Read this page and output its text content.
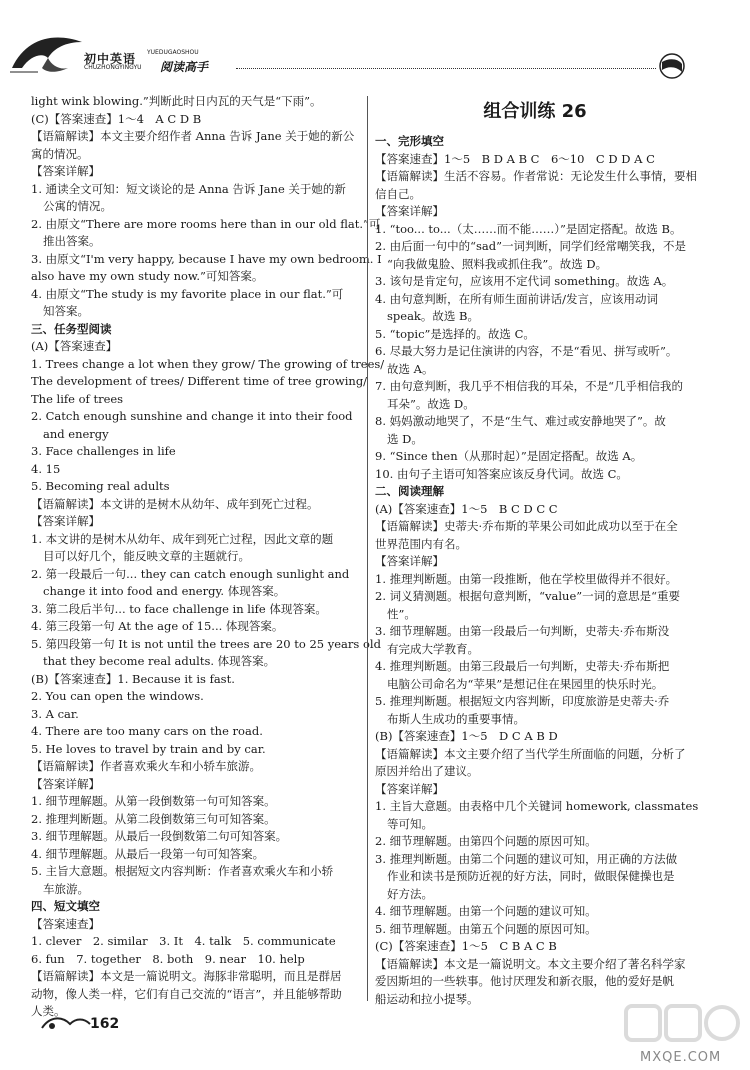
初中英语 YUEDUGAOSHOU
阅读高手
CHUZHONGYINGYU
light wink blowing.”判断此时日内瓦的天气是“下雨”。
(C)【答案速查】1～4　A C D B
【语篇解读】本文主要介绍作者 Anna 告诉 Jane 关于她的新公
寓的情况。
【答案详解】
1. 通读全文可知：短文谈论的是 Anna 告诉 Jane 关于她的新
公寓的情况。
2. 由原文“There are more rooms here than in our old flat.”可
推出答案。
3. 由原文“I'm very happy, because I have my own bedroom. I
also have my own study now.”可知答案。
4. 由原文“The study is my favorite place in our flat.”可
知答案。
三、任务型阅读
(A)【答案速查】
1. Trees change a lot when they grow/ The growing of trees/
The development of trees/ Different time of tree growing/
The life of trees
2. Catch enough sunshine and change it into their food
and energy
3. Face challenges in life
4. 15
5. Becoming real adults
【语篇解读】本文讲的是树木从幼年、成年到死亡过程。
【答案详解】
1. 本文讲的是树木从幼年、成年到死亡过程，因此文章的题
目可以好几个，能反映文章的主题就行。
2. 第一段最后一句... they can catch enough sunlight and
change it into food and energy. 体现答案。
3. 第二段后半句... to face challenge in life 体现答案。
4. 第三段第一句 At the age of 15... 体现答案。
5. 第四段第一句 It is not until the trees are 20 to 25 years old
that they become real adults. 体现答案。
(B)【答案速查】1. Because it is fast.
2. You can open the windows.
3. A car.
4. There are too many cars on the road.
5. He loves to travel by train and by car.
【语篇解读】作者喜欢乘火车和小轿车旅游。
【答案详解】
1. 细节理解题。从第一段倒数第一句可知答案。
2. 推理判断题。从第二段倒数第三句可知答案。
3. 细节理解题。从最后一段倒数第二句可知答案。
4. 细节理解题。从最后一段第一句可知答案。
5. 主旨大意题。根据短文内容判断：作者喜欢乘火车和小轿
车旅游。
四、短文填空
【答案速查】
1. clever　2. similar　3. It　4. talk　5. communicate
6. fun　7. together　8. both　9. near　10. help
【语篇解读】本文是一篇说明文。海豚非常聪明，而且是群居
动物，像人类一样，它们有自己交流的“语言”，并且能够帮助
人类。
组合训练 26
一、完形填空
【答案速查】1～5　B D A B C　6～10　C D D A C
【语篇解读】生活不容易。作者常说：无论发生什么事情，要相
信自己。
【答案详解】
1. “too... to...（太……而不能……）”是固定搭配。故选 B。
2. 由后面一句中的“sad”一词判断，同学们经常嘲笑我，不是
“向我做鬼脸、照料我或抓住我”。故选 D。
3. 该句是肯定句，应该用不定代词 something。故选 A。
4. 由句意判断，在所有师生面前讲话/发言，应该用动词
speak。故选 B。
5. “topic”是选择的。故选 C。
6. 尽最大努力是记住演讲的内容，不是“看见、拼写或听”。
故选 A。
7. 由句意判断，我几乎不相信我的耳朵，不是“几乎相信我的
耳朵”。故选 D。
8. 妈妈激动地哭了，不是“生气、难过或安静地哭了”。故
选 D。
9. “Since then（从那时起）”是固定搭配。故选 A。
10. 由句子主语可知答案应该反身代词。故选 C。
二、阅读理解
(A)【答案速查】1～5　B C D C C
【语篇解读】史蒂夫·乔布斯的苹果公司如此成功以至于在全
世界范围内有名。
【答案详解】
1. 推理判断题。由第一段推断，他在学校里做得并不很好。
2. 词义猜测题。根据句意判断，“value”一词的意思是“重要
性”。
3. 细节理解题。由第一段最后一句判断，史蒂夫·乔布斯没
有完成大学教育。
4. 推理判断题。由第三段最后一句判断，史蒂夫·乔布斯把
电脑公司命名为“苹果”是想记住在果园里的快乐时光。
5. 推理判断题。根据短文内容判断，印度旅游是史蒂夫·乔
布斯人生成功的重要事情。
(B)【答案速查】1～5　D C A B D
【语篇解读】本文主要介绍了当代学生所面临的问题，分析了
原因并给出了建议。
【答案详解】
1. 主旨大意题。由表格中几个关键词 homework, classmates
等可知。
2. 细节理解题。由第四个问题的原因可知。
3. 推理判断题。由第二个问题的建议可知，用正确的方法做
作业和读书是预防近视的好方法，同时，做眼保健操也是
好方法。
4. 细节理解题。由第一个问题的建议可知。
5. 细节理解题。由第五个问题的原因可知。
(C)【答案速查】1～5　C B A C B
【语篇解读】本文是一篇说明文。本文主要介绍了著名科学家
爱因斯坦的一些轶事。他讨厌理发和新衣服，他的爱好是帆
船运动和拉小提琴。
162
MXQE.COM
